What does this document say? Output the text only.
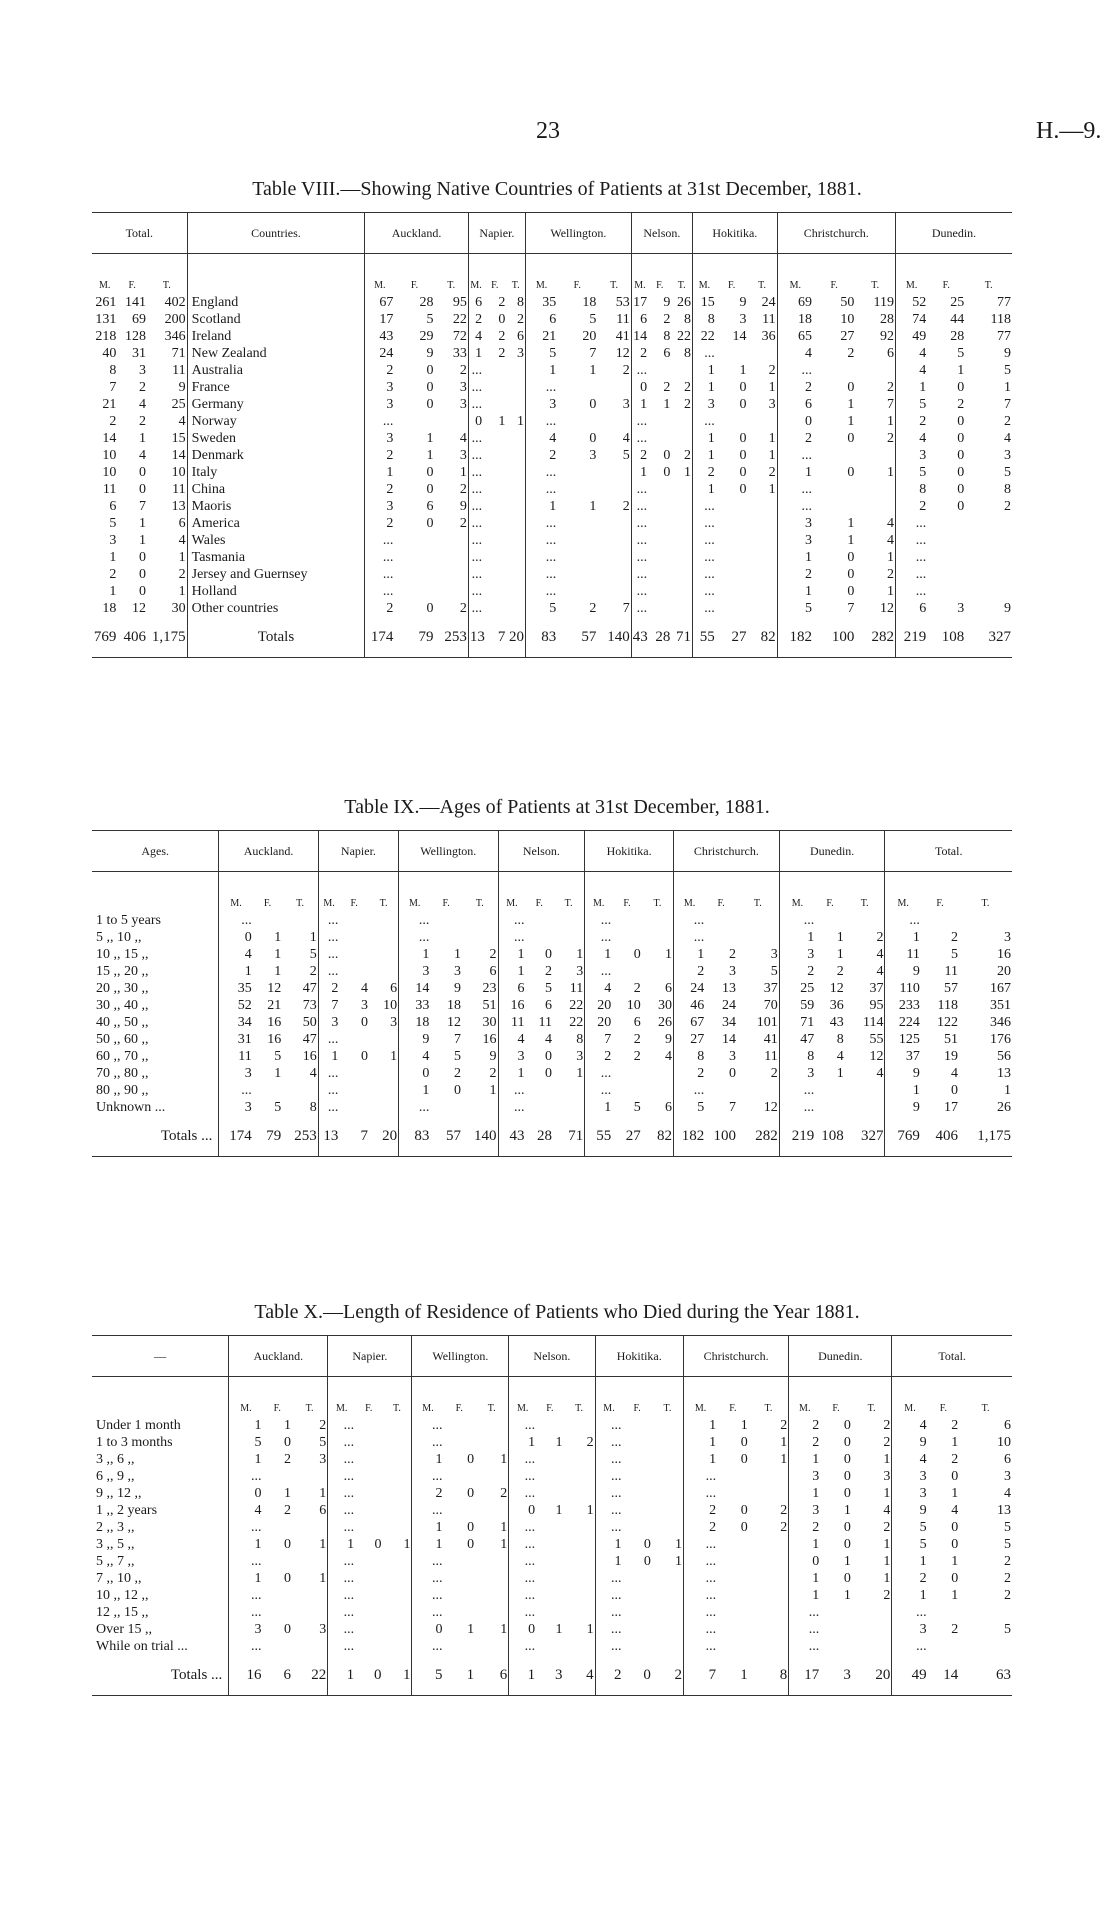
23	H.—9.
Table VIII.—Showing Native Countries of Patients at 31st December, 1881.
Total.			Countries.	Auckland.			Napier.			Wellington.			Nelson.			Hokitika.			Christchurch.			Dunedin.		
M.	F.	T.		M.	F.	T.	M.	F.	T.	M.	F.	T.	M.	F.	T.	M.	F.	T.	M.	F.	T.	M.	F.	T.
261	141	402	England	67	28	95	6	2	8	35	18	53	17	9	26	15	9	24	69	50	119	52	25	77
131	69	200	Scotland	17	5	22	2	0	2	6	5	11	6	2	8	8	3	11	18	10	28	74	44	118
218	128	346	Ireland	43	29	72	4	2	6	21	20	41	14	8	22	22	14	36	65	27	92	49	28	77
40	31	71	New Zealand	24	9	33	1	2	3	5	7	12	2	6	8	...			4	2	6	4	5	9
8	3	11	Australia	2	0	2	...			1	1	2	...			1	1	2	...			4	1	5
7	2	9	France	3	0	3	...			...			0	2	2	1	0	1	2	0	2	1	0	1
21	4	25	Germany	3	0	3	...			3	0	3	1	1	2	3	0	3	6	1	7	5	2	7
2	2	4	Norway	...			0	1	1	...			...			...			0	1	1	2	0	2
14	1	15	Sweden	3	1	4	...			4	0	4	...			1	0	1	2	0	2	4	0	4
10	4	14	Denmark	2	1	3	...			2	3	5	2	0	2	1	0	1	...			3	0	3
10	0	10	Italy	1	0	1	...			...			1	0	1	2	0	2	1	0	1	5	0	5
11	0	11	China	2	0	2	...			...			...			1	0	1	...			8	0	8
6	7	13	Maoris	3	6	9	...			1	1	2	...			...			...			2	0	2
5	1	6	America	2	0	2	...			...			...			...			3	1	4	...		
3	1	4	Wales	...			...			...			...			...			3	1	4	...		
1	0	1	Tasmania	...			...			...			...			...			1	0	1	...		
2	0	2	Jersey and Guernsey	...			...			...			...			...			2	0	2	...		
1	0	1	Holland	...			...			...			...			...			1	0	1	...		
18	12	30	Other countries	2	0	2	...			5	2	7	...			...			5	7	12	6	3	9
769	406	1,175	Totals	174	79	253	13	7	20	83	57	140	43	28	71	55	27	82	182	100	282	219	108	327
Table IX.—Ages of Patients at 31st December, 1881.
Ages.	Auckland.			Napier.			Wellington.			Nelson.			Hokitika.			Christchurch.			Dunedin.			Total.		
	M.	F.	T.	M.	F.	T.	M.	F.	T.	M.	F.	T.	M.	F.	T.	M.	F.	T.	M.	F.	T.	M.	F.	T.
1 to 5 years	...			...			...			...			...			...			...			...		
5 ,, 10 ,,	0	1	1	...			...			...			...			...			1	1	2	1	2	3
10 ,, 15 ,,	4	1	5	...			1	1	2	1	0	1	1	0	1	1	2	3	3	1	4	11	5	16
15 ,, 20 ,,	1	1	2	...			3	3	6	1	2	3	...			2	3	5	2	2	4	9	11	20
20 ,, 30 ,,	35	12	47	2	4	6	14	9	23	6	5	11	4	2	6	24	13	37	25	12	37	110	57	167
30 ,, 40 ,,	52	21	73	7	3	10	33	18	51	16	6	22	20	10	30	46	24	70	59	36	95	233	118	351
40 ,, 50 ,,	34	16	50	3	0	3	18	12	30	11	11	22	20	6	26	67	34	101	71	43	114	224	122	346
50 ,, 60 ,,	31	16	47	...			9	7	16	4	4	8	7	2	9	27	14	41	47	8	55	125	51	176
60 ,, 70 ,,	11	5	16	1	0	1	4	5	9	3	0	3	2	2	4	8	3	11	8	4	12	37	19	56
70 ,, 80 ,,	3	1	4	...			0	2	2	1	0	1	...			2	0	2	3	1	4	9	4	13
80 ,, 90 ,,	...			...			1	0	1	...			...			...			...			1	0	1
Unknown ...	3	5	8	...			...			...			1	5	6	5	7	12	...			9	17	26
Totals ...	174	79	253	13	7	20	83	57	140	43	28	71	55	27	82	182	100	282	219	108	327	769	406	1,175
Table X.—Length of Residence of Patients who Died during the Year 1881.
—	Auckland.			Napier.			Wellington.			Nelson.			Hokitika.			Christchurch.			Dunedin.			Total.		
	M.	F.	T.	M.	F.	T.	M.	F.	T.	M.	F.	T.	M.	F.	T.	M.	F.	T.	M.	F.	T.	M.	F.	T.
Under 1 month	1	1	2	...			...			...			...			1	1	2	2	0	2	4	2	6
1 to 3 months	5	0	5	...			...			1	1	2	...			1	0	1	2	0	2	9	1	10
3 ,, 6 ,,	1	2	3	...			1	0	1	...			...			1	0	1	1	0	1	4	2	6
6 ,, 9 ,,	...			...			...			...			...			...			3	0	3	3	0	3
9 ,, 12 ,,	0	1	1	...			2	0	2	...			...			...			1	0	1	3	1	4
1 ,, 2 years	4	2	6	...			...			0	1	1	...			2	0	2	3	1	4	9	4	13
2 ,, 3 ,,	...			...			1	0	1	...			...			2	0	2	2	0	2	5	0	5
3 ,, 5 ,,	1	0	1	1	0	1	1	0	1	...			1	0	1	...			1	0	1	5	0	5
5 ,, 7 ,,	...			...			...			...			1	0	1	...			0	1	1	1	1	2
7 ,, 10 ,,	1	0	1	...			...			...			...			...			1	0	1	2	0	2
10 ,, 12 ,,	...			...			...			...			...			...			1	1	2	1	1	2
12 ,, 15 ,,	...			...			...			...			...			...			...			...		
Over 15 ,,	3	0	3	...			0	1	1	0	1	1	...			...			...			3	2	5
While on trial ...	...			...			...			...			...			...			...			...		
Totals ...	16	6	22	1	0	1	5	1	6	1	3	4	2	0	2	7	1	8	17	3	20	49	14	63
